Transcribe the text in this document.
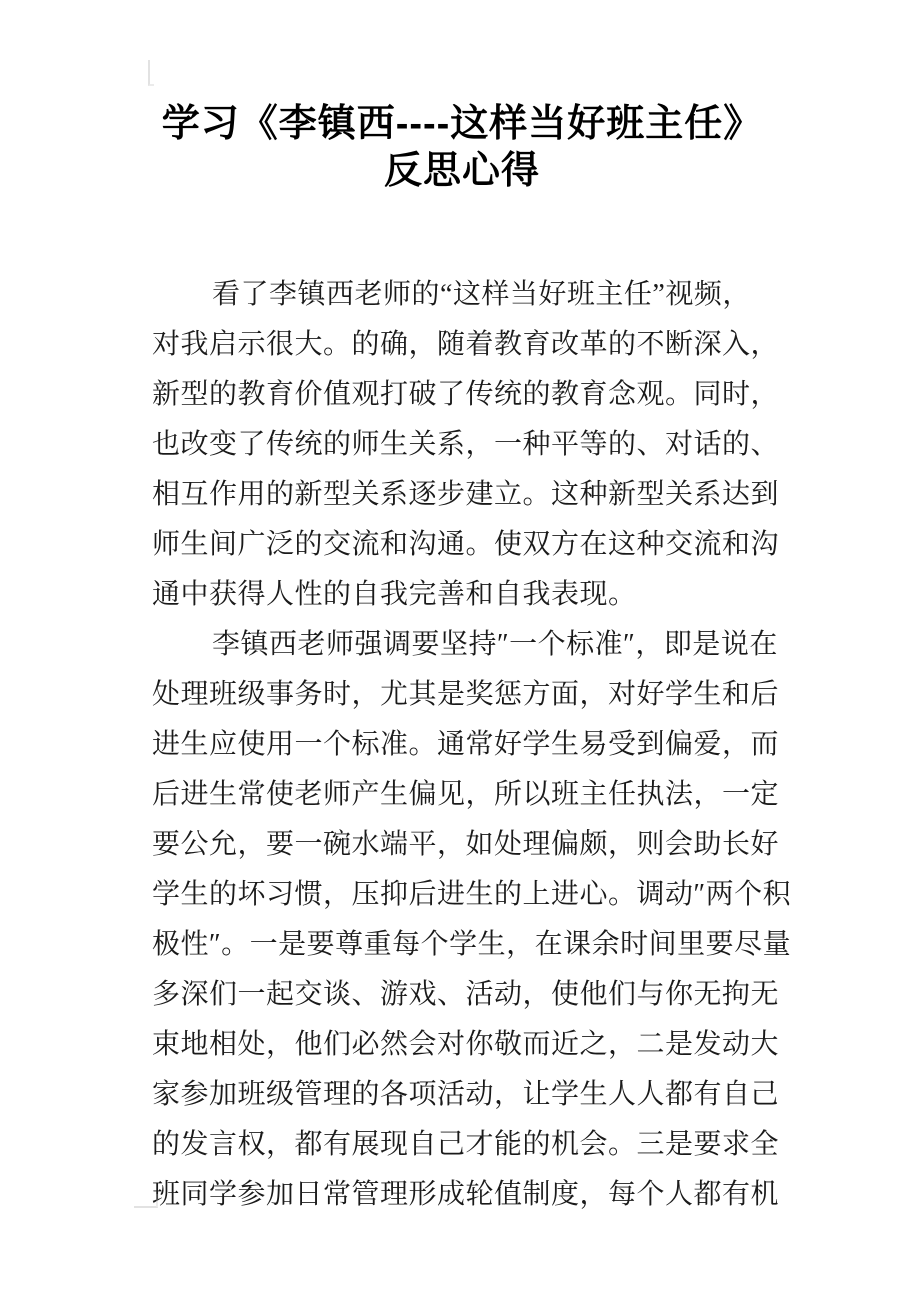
学习《李镇西----这样当好班主任》
反思心得
看了李镇西老师的“这样当好班主任”视频，
对我启示很大。的确，随着教育改革的不断深入，
新型的教育价值观打破了传统的教育念观。同时，
也改变了传统的师生关系，一种平等的、对话的、
相互作用的新型关系逐步建立。这种新型关系达到
师生间广泛的交流和沟通。使双方在这种交流和沟
通中获得人性的自我完善和自我表现。
李镇西老师强调要坚持″一个标准″，即是说在
处理班级事务时，尤其是奖惩方面，对好学生和后
进生应使用一个标准。通常好学生易受到偏爱，而
后进生常使老师产生偏见，所以班主任执法，一定
要公允，要一碗水端平，如处理偏颇，则会助长好
学生的坏习惯，压抑后进生的上进心。调动″两个积
极性″。一是要尊重每个学生，在课余时间里要尽量
多深们一起交谈、游戏、活动，使他们与你无拘无
束地相处，他们必然会对你敬而近之，二是发动大
家参加班级管理的各项活动，让学生人人都有自己
的发言权，都有展现自己才能的机会。三是要求全
班同学参加日常管理形成轮值制度，每个人都有机
